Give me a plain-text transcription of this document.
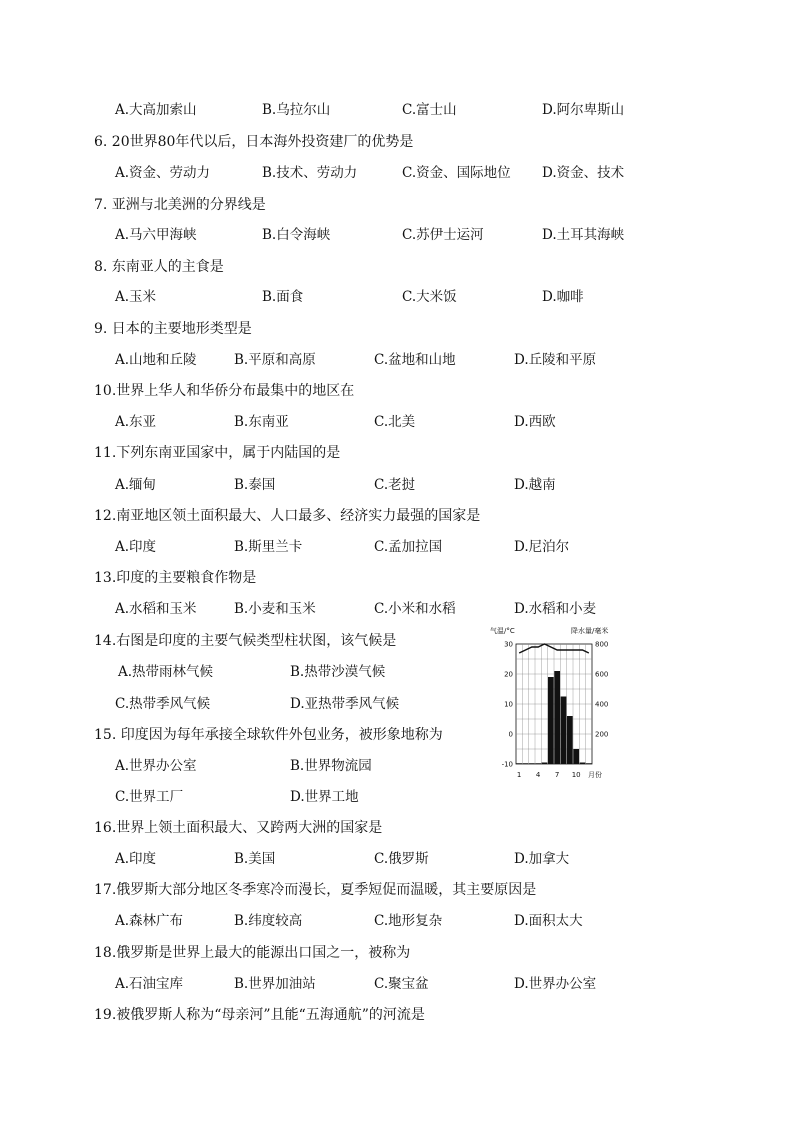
6. 20世界80年代以后，日本海外投资建厂的优势是
7. 亚洲与北美洲的分界线是
8. 东南亚人的主食是
9. 日本的主要地形类型是
10.世界上华人和华侨分布最集中的地区在
11.下列东南亚国家中，属于内陆国的是
12.南亚地区领土面积最大、人口最多、经济实力最强的国家是
13.印度的主要粮食作物是
14.右图是印度的主要气候类型柱状图，该气候是
15. 印度因为每年承接全球软件外包业务，被形象地称为
16.世界上领土面积最大、又跨两大洲的国家是
17.俄罗斯大部分地区冬季寒冷而漫长，夏季短促而温暖，其主要原因是
18.俄罗斯是世界上最大的能源出口国之一，被称为
19.被俄罗斯人称为“母亲河”且能“五海通航”的河流是
A.大高加索山	B.乌拉尔山	C.富士山	D.阿尔卑斯山
A.资金、劳动力	B.技术、劳动力	C.资金、国际地位 D.资金、技术
A.马六甲海峡	B.白令海峡	C.苏伊士运河	D.土耳其海峡
A.玉米	B.面食	C.大米饭	D.咖啡
A.山地和丘陵	B.平原和高原	C.盆地和山地	D.丘陵和平原
A.东亚	B.东南亚	C.北美	D.西欧
A.缅甸	B.泰国	C.老挝	D.越南
A.印度	B.斯里兰卡	C.孟加拉国	D.尼泊尔
A.水稻和玉米	B.小麦和玉米	C.小米和水稻	D.水稻和小麦
A.热带雨林气候	B.热带沙漠气候
C.热带季风气候	D.亚热带季风气候
A.世界办公室	B.世界物流园
C.世界工厂	D.世界工地
A.印度	B.美国	C.俄罗斯	D.加拿大
A.森林广布	B.纬度较高	C.地形复杂	D.面积太大
A.石油宝库	B.世界加油站	C.聚宝盆	D.世界办公室
气温/°C	降水量/毫米
30
20
10
0
-10
800
600
400
200
1 4 7 10 月份
